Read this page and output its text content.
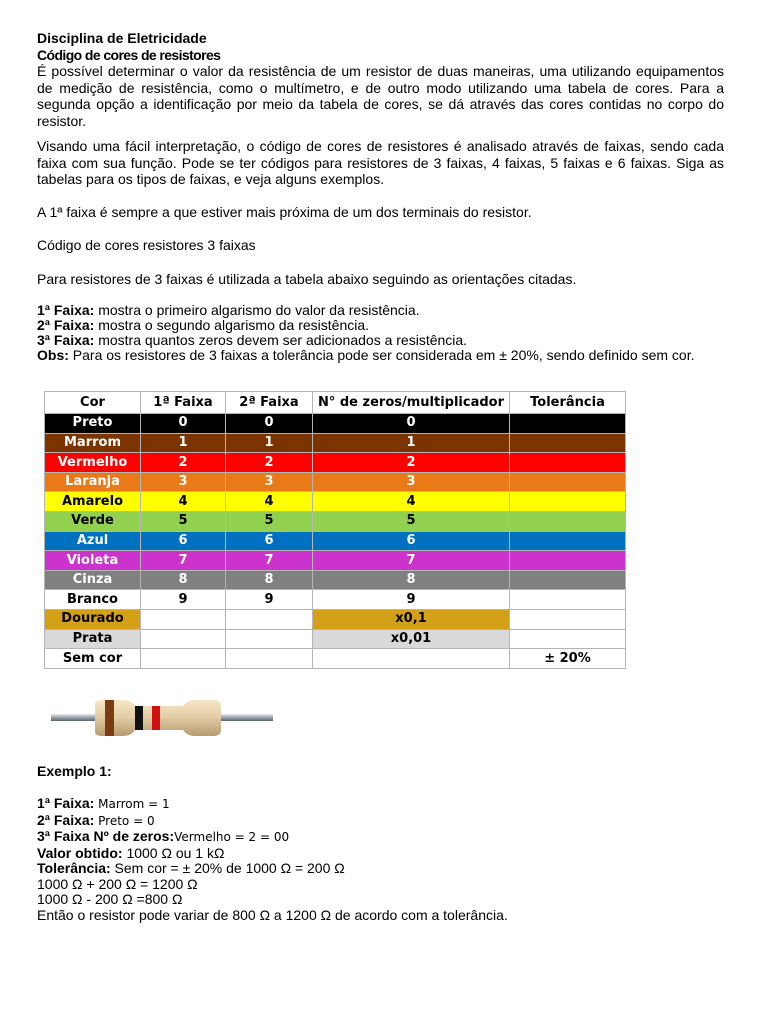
Disciplina de Eletricidade
Código de cores de resistores

É possível determinar o valor da resistência de um resistor de duas maneiras, uma utilizando equipamentos de medição de resistência, como o multímetro, e de outro modo utilizando uma tabela de cores. Para a segunda opção a identificação por meio da tabela de cores, se dá através das cores contidas no corpo do resistor.

Visando uma fácil interpretação, o código de cores de resistores é analisado através de faixas, sendo cada faixa com sua função. Pode se ter códigos para resistores de 3 faixas, 4 faixas, 5 faixas e 6 faixas. Siga as tabelas para os tipos de faixas, e veja alguns exemplos.

A 1ª faixa é sempre a que estiver mais próxima de um dos terminais do resistor.

Código de cores resistores 3 faixas

Para resistores de 3 faixas é utilizada a tabela abaixo seguindo as orientações citadas.

1ª Faixa: mostra o primeiro algarismo do valor da resistência.
2ª Faixa: mostra o segundo algarismo da resistência.
3ª Faixa: mostra quantos zeros devem ser adicionados a resistência.
Obs: Para os resistores de 3 faixas a tolerância pode ser considerada em ± 20%, sendo definido sem cor.
Cor	1ª Faixa	2ª Faixa	N° de zeros/multiplicador	Tolerância
Preto	0	0	0	
Marrom	1	1	1	
Vermelho	2	2	2	
Laranja	3	3	3	
Amarelo	4	4	4	
Verde	5	5	5	
Azul	6	6	6	
Violeta	7	7	7	
Cinza	8	8	8	
Branco	9	9	9	
Dourado			x0,1	
Prata			x0,01	
Sem cor				± 20%
Exemplo 1:
1ª Faixa: Marrom = 1
2ª Faixa: Preto = 0
3ª Faixa Nº de zeros:Vermelho = 2 = 00
Valor obtido: 1000 Ω ou 1 kΩ
Tolerância: Sem cor = ± 20% de 1000 Ω = 200 Ω
1000 Ω + 200 Ω = 1200 Ω
1000 Ω - 200 Ω =800 Ω
Então o resistor pode variar de 800 Ω a 1200 Ω de acordo com a tolerância.
